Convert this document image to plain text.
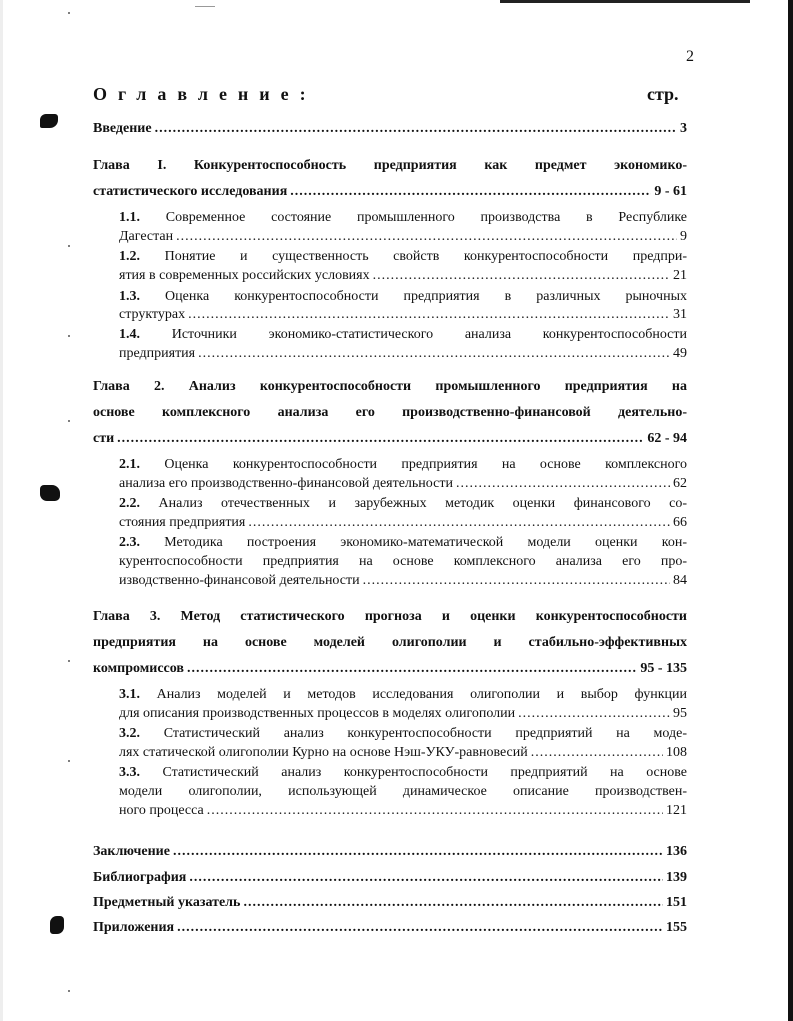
2
Оглавление:	стр.
Введение .....	3
Глава I. Конкурентоспособность предприятия как предмет экономико-
статистического исследования .....	9 - 61
1.1. Современное состояние промышленного производства в Республике
Дагестан .....	9
1.2. Понятие и существенность свойств конкурентоспособности предпри-
ятия в современных российских условиях .....	21
1.3. Оценка конкурентоспособности предприятия в различных рыночных
структурах .....	31
1.4. Источники экономико-статистического анализа конкурентоспособности
предприятия .....	49
Глава 2. Анализ конкурентоспособности промышленного предприятия на
основе комплексного анализа его производственно-финансовой деятельно-
сти .....	62 - 94
2.1. Оценка конкурентоспособности предприятия на основе комплексного
анализа его производственно-финансовой деятельности .....	62
2.2. Анализ отечественных и зарубежных методик оценки финансового со-
стояния предприятия .....	66
2.3. Методика построения экономико-математической модели оценки кон-
курентоспособности предприятия на основе комплексного анализа его про-
изводственно-финансовой деятельности .....	84
Глава 3. Метод статистического прогноза и оценки конкурентоспособности
предприятия на основе моделей олигополии и стабильно-эффективных
компромиссов .....	95 - 135
3.1. Анализ моделей и методов исследования олигополии и выбор функции
для описания производственных процессов в моделях олигополии .....	95
3.2. Статистический анализ конкурентоспособности предприятий на моде-
лях статической олигополии Курно на основе Нэш-УКУ-равновесий .....	108
3.3. Статистический анализ конкурентоспособности предприятий на основе
модели олигополии, использующей динамическое описание производствен-
ного процесса .....	121
Заключение .....	136
Библиография .....	139
Предметный указатель .....	151
Приложения .....	155
